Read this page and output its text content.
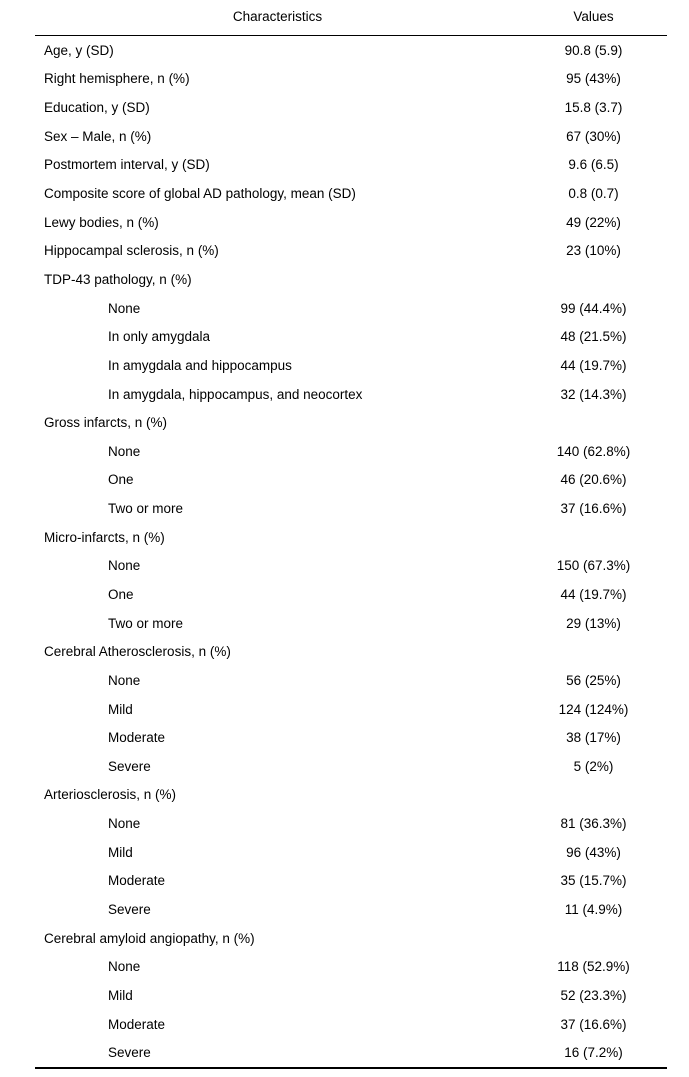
Characteristics	Values
Age, y (SD)	90.8 (5.9)
Right hemisphere, n (%)	95 (43%)
Education, y (SD)	15.8 (3.7)
Sex – Male, n (%)	67 (30%)
Postmortem interval, y (SD)	9.6 (6.5)
Composite score of global AD pathology, mean (SD)	0.8 (0.7)
Lewy bodies, n (%)	49 (22%)
Hippocampal sclerosis, n (%)	23 (10%)
TDP-43 pathology, n (%)
None	99 (44.4%)
In only amygdala	48 (21.5%)
In amygdala and hippocampus	44 (19.7%)
In amygdala, hippocampus, and neocortex	32 (14.3%)
Gross infarcts, n (%)
None	140 (62.8%)
One	46 (20.6%)
Two or more	37 (16.6%)
Micro-infarcts, n (%)
None	150 (67.3%)
One	44 (19.7%)
Two or more	29 (13%)
Cerebral Atherosclerosis, n (%)
None	56 (25%)
Mild	124 (124%)
Moderate	38 (17%)
Severe	5 (2%)
Arteriosclerosis, n (%)
None	81 (36.3%)
Mild	96 (43%)
Moderate	35 (15.7%)
Severe	11 (4.9%)
Cerebral amyloid angiopathy, n (%)
None	118 (52.9%)
Mild	52 (23.3%)
Moderate	37 (16.6%)
Severe	16 (7.2%)
